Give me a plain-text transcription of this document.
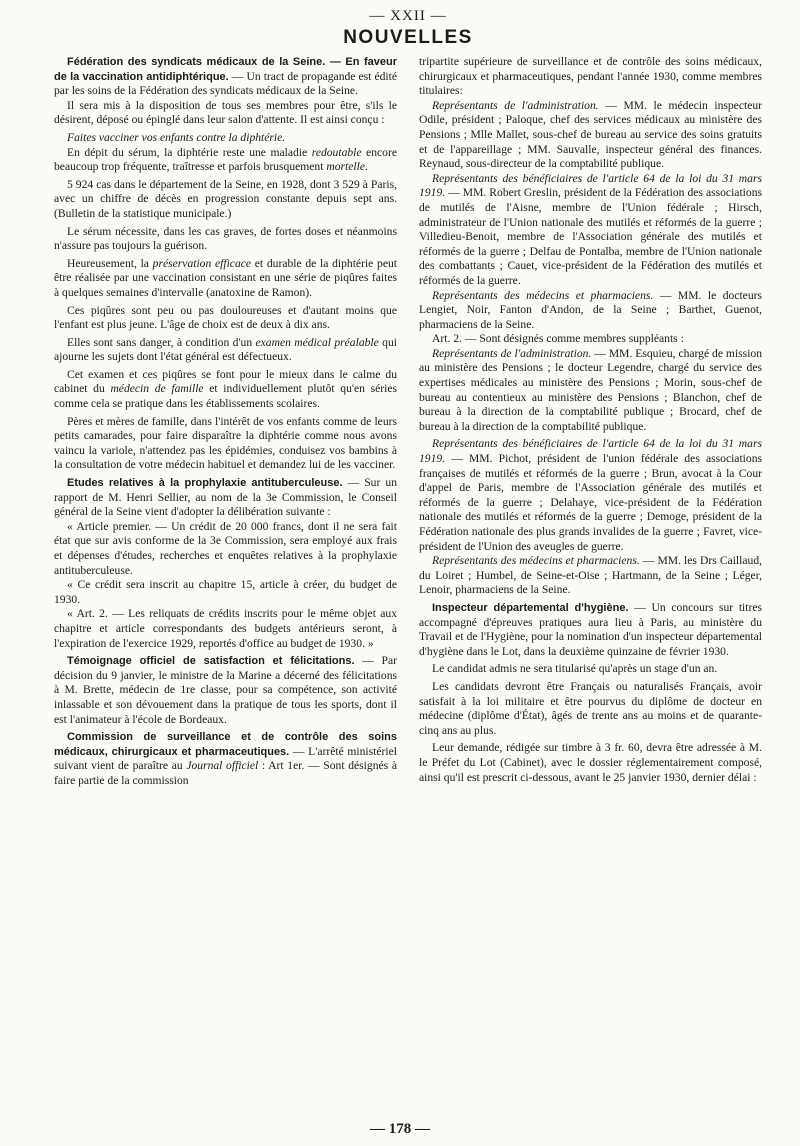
— XXII —
NOUVELLES

Fédération des syndicats médicaux de la Seine. — En faveur de la vaccination antidiphtérique. — Un tract de propagande est édité par les soins de la Fédération des syndicats médicaux de la Seine.

Il sera mis à la disposition de tous ses membres pour être, s'ils le désirent, déposé ou épinglé dans leur salon d'attente. Il est ainsi conçu :

Faites vacciner vos enfants contre la diphtérie.

En dépit du sérum, la diphtérie reste une maladie redoutable encore beaucoup trop fréquente, traîtresse et parfois brusquement mortelle.

5 924 cas dans le département de la Seine, en 1928, dont 3 529 à Paris, avec un chiffre de décès en progression constante depuis sept ans. (Bulletin de la statistique municipale.)

Le sérum nécessite, dans les cas graves, de fortes doses et néanmoins n'assure pas toujours la guérison.

Heureusement, la préservation efficace et durable de la diphtérie peut être réalisée par une vaccination consistant en une série de piqûres faites à quelques semaines d'intervalle (anatoxine de Ramon).

Ces piqûres sont peu ou pas douloureuses et d'autant moins que l'enfant est plus jeune. L'âge de choix est de deux à dix ans.

Elles sont sans danger, à condition d'un examen médical préalable qui ajourne les sujets dont l'état général est défectueux.

Cet examen et ces piqûres se font pour le mieux dans le calme du cabinet du médecin de famille et individuellement plutôt qu'en séries comme cela se pratique dans les établissements scolaires.

Pères et mères de famille, dans l'intérêt de vos enfants comme de leurs petits camarades, pour faire disparaître la diphtérie comme nous avons vaincu la variole, n'attendez pas les épidémies, conduisez vos bambins à la consultation de votre médecin habituel et demandez lui de les vacciner.

Etudes relatives à la prophylaxie antituberculeuse. — Sur un rapport de M. Henri Sellier, au nom de la 3e Commission, le Conseil général de la Seine vient d'adopter la délibération suivante :

« Article premier. — Un crédit de 20 000 francs, dont il ne sera fait état que sur avis conforme de la 3e Commission, sera employé aux frais et dépenses d'études, recherches et enquêtes relatives à la prophylaxie antituberculeuse.

« Ce crédit sera inscrit au chapitre 15, article à créer, du budget de 1930.

« Art. 2. — Les reliquats de crédits inscrits pour le même objet aux chapitre et article correspondants des budgets antérieurs seront, à l'expiration de l'exercice 1929, reportés d'office au budget de 1930. »

Témoignage officiel de satisfaction et félicitations. — Par décision du 9 janvier, le ministre de la Marine a décerné des félicitations à M. Brette, médecin de 1re classe, pour sa compétence, son activité inlassable et son dévouement dans la pratique de tous les sports, dont il est l'animateur à l'école de Bordeaux.

Commission de surveillance et de contrôle des soins médicaux, chirurgicaux et pharmaceutiques. — L'arrêté ministériel suivant vient de paraître au Journal officiel : Art 1er. — Sont désignés à faire partie de la commission

tripartite supérieure de surveillance et de contrôle des soins médicaux, chirurgicaux et pharmaceutiques, pendant l'année 1930, comme membres titulaires:

Représentants de l'administration. — MM. le médecin inspecteur Odile, président ; Paloque, chef des services médicaux au ministère des Pensions ; Mlle Mallet, sous-chef de bureau au service des soins gratuits et de l'appareillage ; MM. Sauvalle, inspecteur général des finances. Reynaud, sous-directeur de la comptabilité publique.

Représentants des bénéficiaires de l'article 64 de la loi du 31 mars 1919. — MM. Robert Greslin, président de la Fédération des associations de mutilés de l'Aisne, membre de l'Union fédérale ; Hirsch, administrateur de l'Union nationale des mutilés et réformés de la guerre ; Villedieu-Benoit, membre de l'Association générale des mutilés et réformés de la guerre ; Delfau de Pontalba, membre de l'Union nationale des combattants ; Cauet, vice-président de la Fédération des mutilés et réformés de la guerre.

Représentants des médecins et pharmaciens. — MM. le docteurs Lengiet, Noir, Fanton d'Andon, de la Seine ; Barthet, Guenot, pharmaciens de la Seine.

Art. 2. — Sont désignés comme membres suppléants :

Représentants de l'administration. — MM. Esquieu, chargé de mission au ministère des Pensions ; le docteur Legendre, chargé du service des expertises médicales au ministère des Pensions ; Morin, sous-chef de bureau au contentieux au ministère des Pensions ; Blanchon, chef de bureau à la direction de la comptabilité publique ; Brocard, chef de bureau à la direction de la comptabilité publique.

Représentants des bénéficiaires de l'article 64 de la loi du 31 mars 1919. — MM. Pichot, président de l'union fédérale des associations françaises de mutilés et réformés de la guerre ; Brun, avocat à la Cour d'appel de Paris, membre de l'Association générale des mutilés et réformés de la guerre ; Delahaye, vice-président de la Fédération nationale des mutilés et réformés de la guerre ; Demoge, président de la Fédération nationale des plus grands invalides de la guerre ; Favret, vice-président de l'Union des aveugles de guerre.

Représentants des médecins et pharmaciens. — MM. les Drs Caillaud, du Loiret ; Humbel, de Seine-et-Oise ; Hartmann, de la Seine ; Léger, Lenoir, pharmaciens de la Seine.

Inspecteur départemental d'hygiène. — Un concours sur titres accompagné d'épreuves pratiques aura lieu à Paris, au ministère du Travail et de l'Hygiène, pour la nomination d'un inspecteur départemental d'hygiène dans le Lot, dans la deuxième quinzaine de février 1930.

Le candidat admis ne sera titularisé qu'après un stage d'un an.

Les candidats devront être Français ou naturalisés Français, avoir satisfait à la loi militaire et être pourvus du diplôme de docteur en médecine (diplôme d'État), âgés de trente ans au moins et de quarante-cinq ans au plus.

Leur demande, rédigée sur timbre à 3 fr. 60, devra être adressée à M. le Préfet du Lot (Cabinet), avec le dossier réglementairement composé, ainsi qu'il est prescrit ci-dessous, avant le 25 janvier 1930, dernier délai :

— 178 —
